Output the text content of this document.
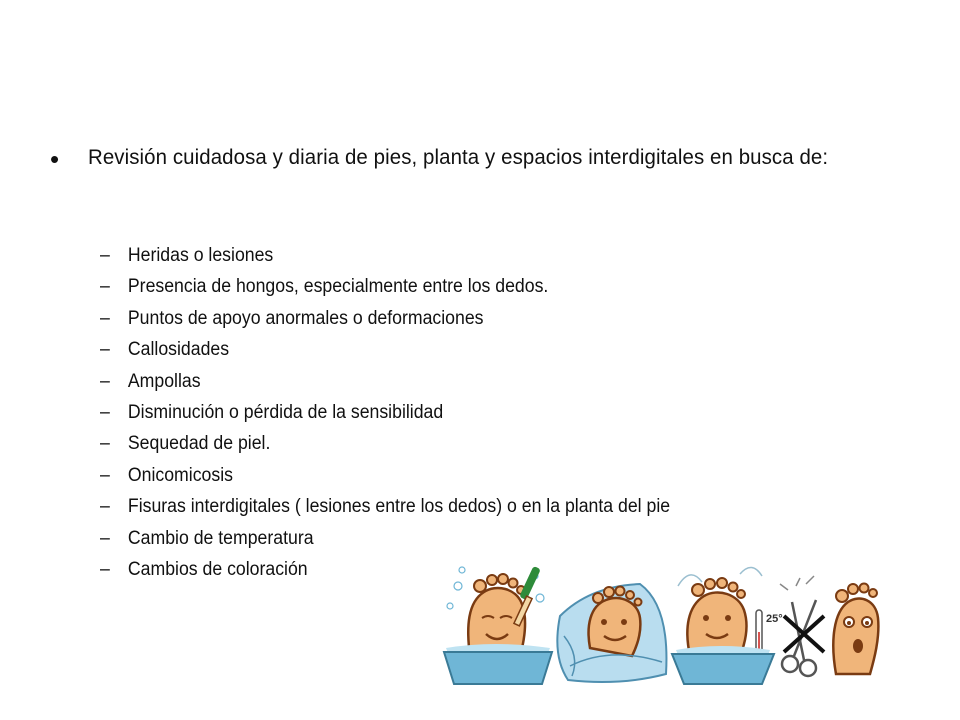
• Revisión cuidadosa y diaria de pies, planta y espacios interdigitales en busca de:
– Heridas o lesiones
– Presencia de hongos, especialmente entre los dedos.
– Puntos de apoyo anormales o deformaciones
– Callosidades
– Ampollas
– Disminución o pérdida de la sensibilidad
– Sequedad de piel.
– Onicomicosis
– Fisuras interdigitales ( lesiones entre los dedos) o en la planta del pie
– Cambio de temperatura
– Cambios de coloración
25°
